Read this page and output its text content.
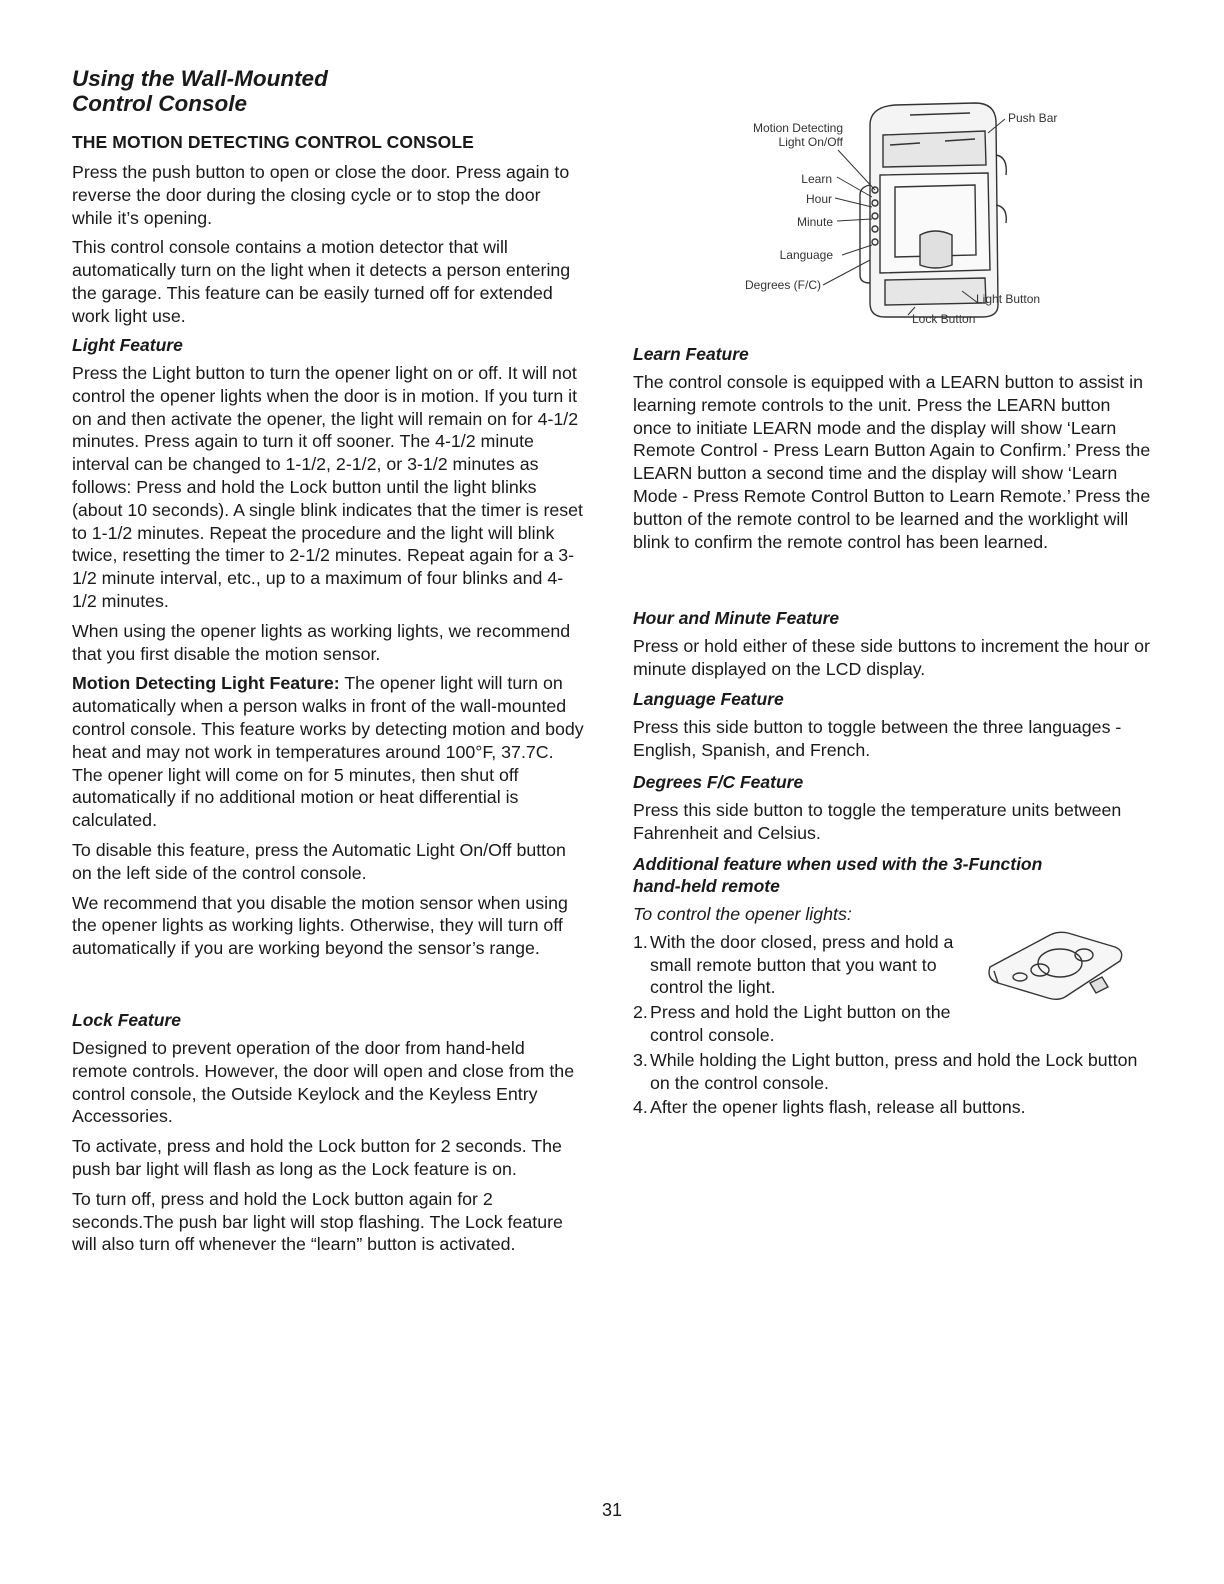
Using the Wall-Mounted
Control Console
THE MOTION DETECTING CONTROL CONSOLE

Press the push button to open or close the door. Press again to reverse the door during the closing cycle or to stop the door while it’s opening.

This control console contains a motion detector that will automatically turn on the light when it detects a person entering the garage. This feature can be easily turned off for extended work light use.

Light Feature

Press the Light button to turn the opener light on or off. It will not control the opener lights when the door is in motion. If you turn it on and then activate the opener, the light will remain on for 4-1/2 minutes. Press again to turn it off sooner. The 4-1/2 minute interval can be changed to 1-1/2, 2-1/2, or 3-1/2 minutes as follows: Press and hold the Lock button until the light blinks (about 10 seconds). A single blink indicates that the timer is reset to 1-1/2 minutes. Repeat the procedure and the light will blink twice, resetting the timer to 2-1/2 minutes. Repeat again for a 3-1/2 minute interval, etc., up to a maximum of four blinks and 4-1/2 minutes.

When using the opener lights as working lights, we recommend that you first disable the motion sensor.

Motion Detecting Light Feature: The opener light will turn on automatically when a person walks in front of the wall-mounted control console. This feature works by detecting motion and body heat and may not work in temperatures around 100°F, 37.7C. The opener light will come on for 5 minutes, then shut off automatically if no additional motion or heat differential is calculated.

To disable this feature, press the Automatic Light On/Off button on the left side of the control console.

We recommend that you disable the motion sensor when using the opener lights as working lights. Otherwise, they will turn off automatically if you are working beyond the sensor’s range.

Lock Feature

Designed to prevent operation of the door from hand-held remote controls. However, the door will open and close from the control console, the Outside Keylock and the Keyless Entry Accessories.

To activate, press and hold the Lock button for 2 seconds. The push bar light will flash as long as the Lock feature is on.

To turn off, press and hold the Lock button again for 2 seconds.The push bar light will stop flashing. The Lock feature will also turn off whenever the “learn” button is activated.

Motion Detecting
Light On/Off
Learn
Hour
Minute
Language
Degrees (F/C)
Push Bar
Light Button
Lock Button
Learn Feature

The control console is equipped with a LEARN button to assist in learning remote controls to the unit. Press the LEARN button once to initiate LEARN mode and the display will show ‘Learn Remote Control - Press Learn Button Again to Confirm.’ Press the LEARN button a second time and the display will show ‘Learn Mode - Press Remote Control Button to Learn Remote.’ Press the button of the remote control to be learned and the worklight will blink to confirm the remote control has been learned.

Hour and Minute Feature

Press or hold either of these side buttons to increment the hour or minute displayed on the LCD display.

Language Feature

Press this side button to toggle between the three languages - English, Spanish, and French.

Degrees F/C Feature

Press this side button to toggle the temperature units between Fahrenheit and Celsius.

Additional feature when used with the 3-Function
hand-held remote

To control the opener lights:

1. With the door closed, press and hold a small remote button that you want to control the light.
2. Press and hold the Light button on the control console.
3. While holding the Light button, press and hold the Lock button on the control console.
4. After the opener lights flash, release all buttons.
31
